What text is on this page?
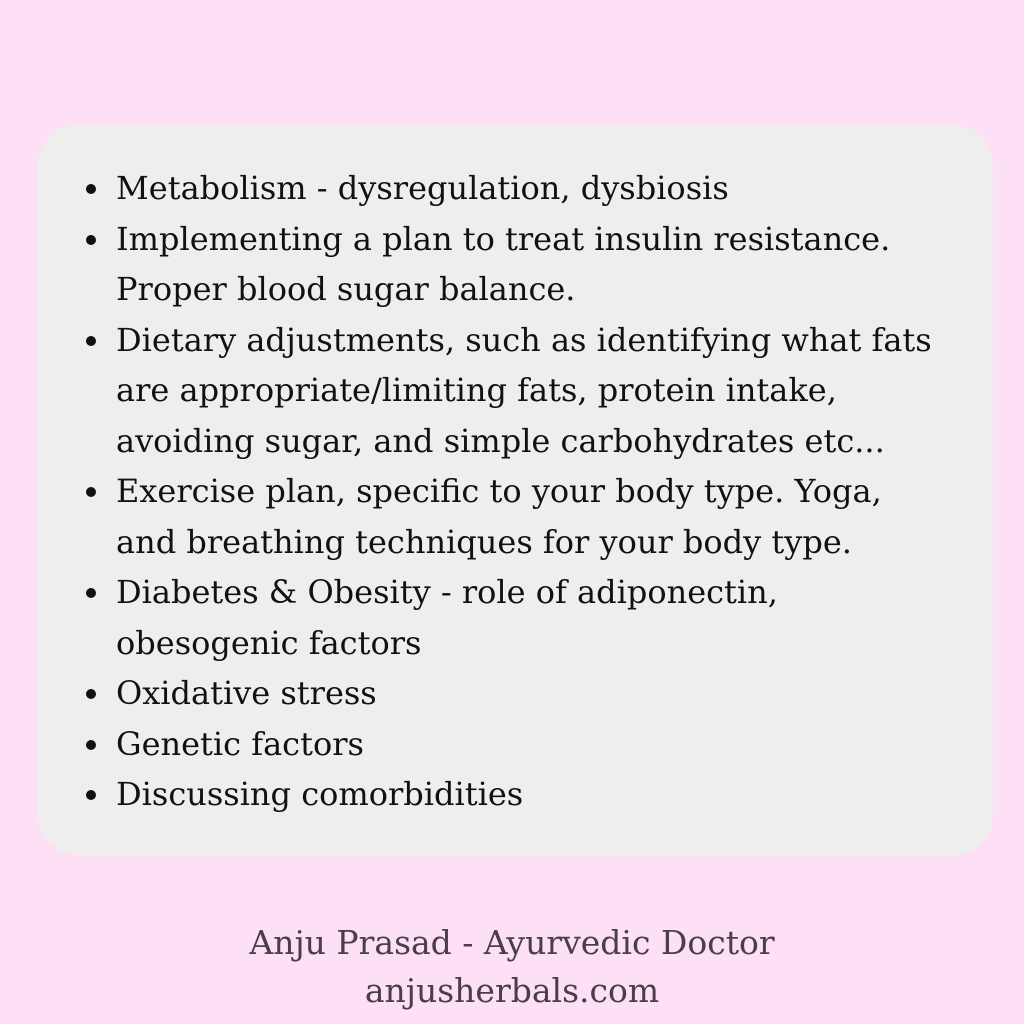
Metabolism - dysregulation, dysbiosis
Implementing a plan to treat insulin resistance.
Proper blood sugar balance.
Dietary adjustments, such as identifying what fats
are appropriate/limiting fats, protein intake,
avoiding sugar, and simple carbohydrates etc...
Exercise plan, specific to your body type. Yoga,
and breathing techniques for your body type.
Diabetes & Obesity - role of adiponectin,
obesogenic factors
Oxidative stress
Genetic factors
Discussing comorbidities
Anju Prasad - Ayurvedic Doctor
anjusherbals.com
